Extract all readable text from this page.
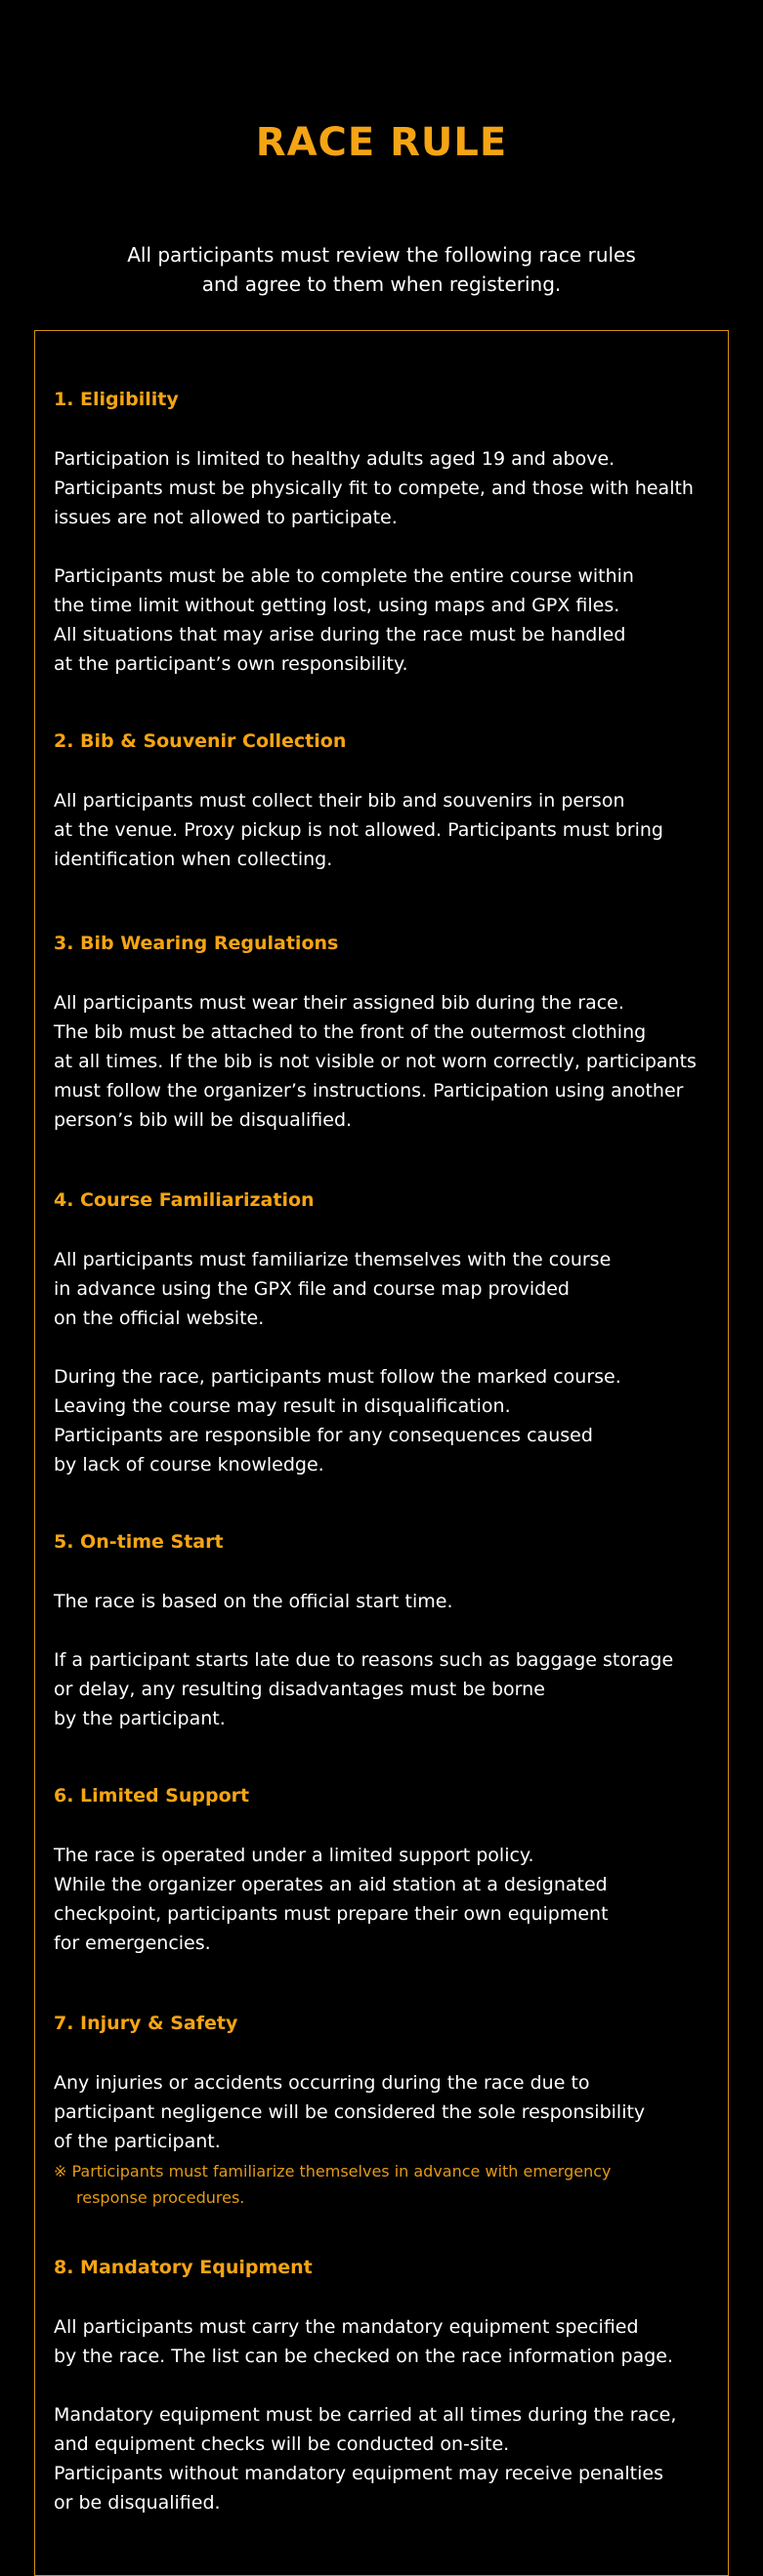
RACE RULE
All participants must review the following race rules
and agree to them when registering.
1. Eligibility
Participation is limited to healthy adults aged 19 and above.
Participants must be physically fit to compete, and those with health
issues are not allowed to participate.
Participants must be able to complete the entire course within
the time limit without getting lost, using maps and GPX files.
All situations that may arise during the race must be handled
at the participant’s own responsibility.
2. Bib & Souvenir Collection
All participants must collect their bib and souvenirs in person
at the venue. Proxy pickup is not allowed. Participants must bring
identification when collecting.
3. Bib Wearing Regulations
All participants must wear their assigned bib during the race.
The bib must be attached to the front of the outermost clothing
at all times. If the bib is not visible or not worn correctly, participants
must follow the organizer’s instructions. Participation using another
person’s bib will be disqualified.
4. Course Familiarization
All participants must familiarize themselves with the course
in advance using the GPX file and course map provided
on the official website.
During the race, participants must follow the marked course.
Leaving the course may result in disqualification.
Participants are responsible for any consequences caused
by lack of course knowledge.
5. On-time Start
The race is based on the official start time.
If a participant starts late due to reasons such as baggage storage
or delay, any resulting disadvantages must be borne
by the participant.
6. Limited Support
The race is operated under a limited support policy.
While the organizer operates an aid station at a designated
checkpoint, participants must prepare their own equipment
for emergencies.
7. Injury & Safety
Any injuries or accidents occurring during the race due to
participant negligence will be considered the sole responsibility
of the participant.
※ Participants must familiarize themselves in advance with emergency
response procedures.
8. Mandatory Equipment
All participants must carry the mandatory equipment specified
by the race. The list can be checked on the race information page.
Mandatory equipment must be carried at all times during the race,
and equipment checks will be conducted on-site.
Participants without mandatory equipment may receive penalties
or be disqualified.
